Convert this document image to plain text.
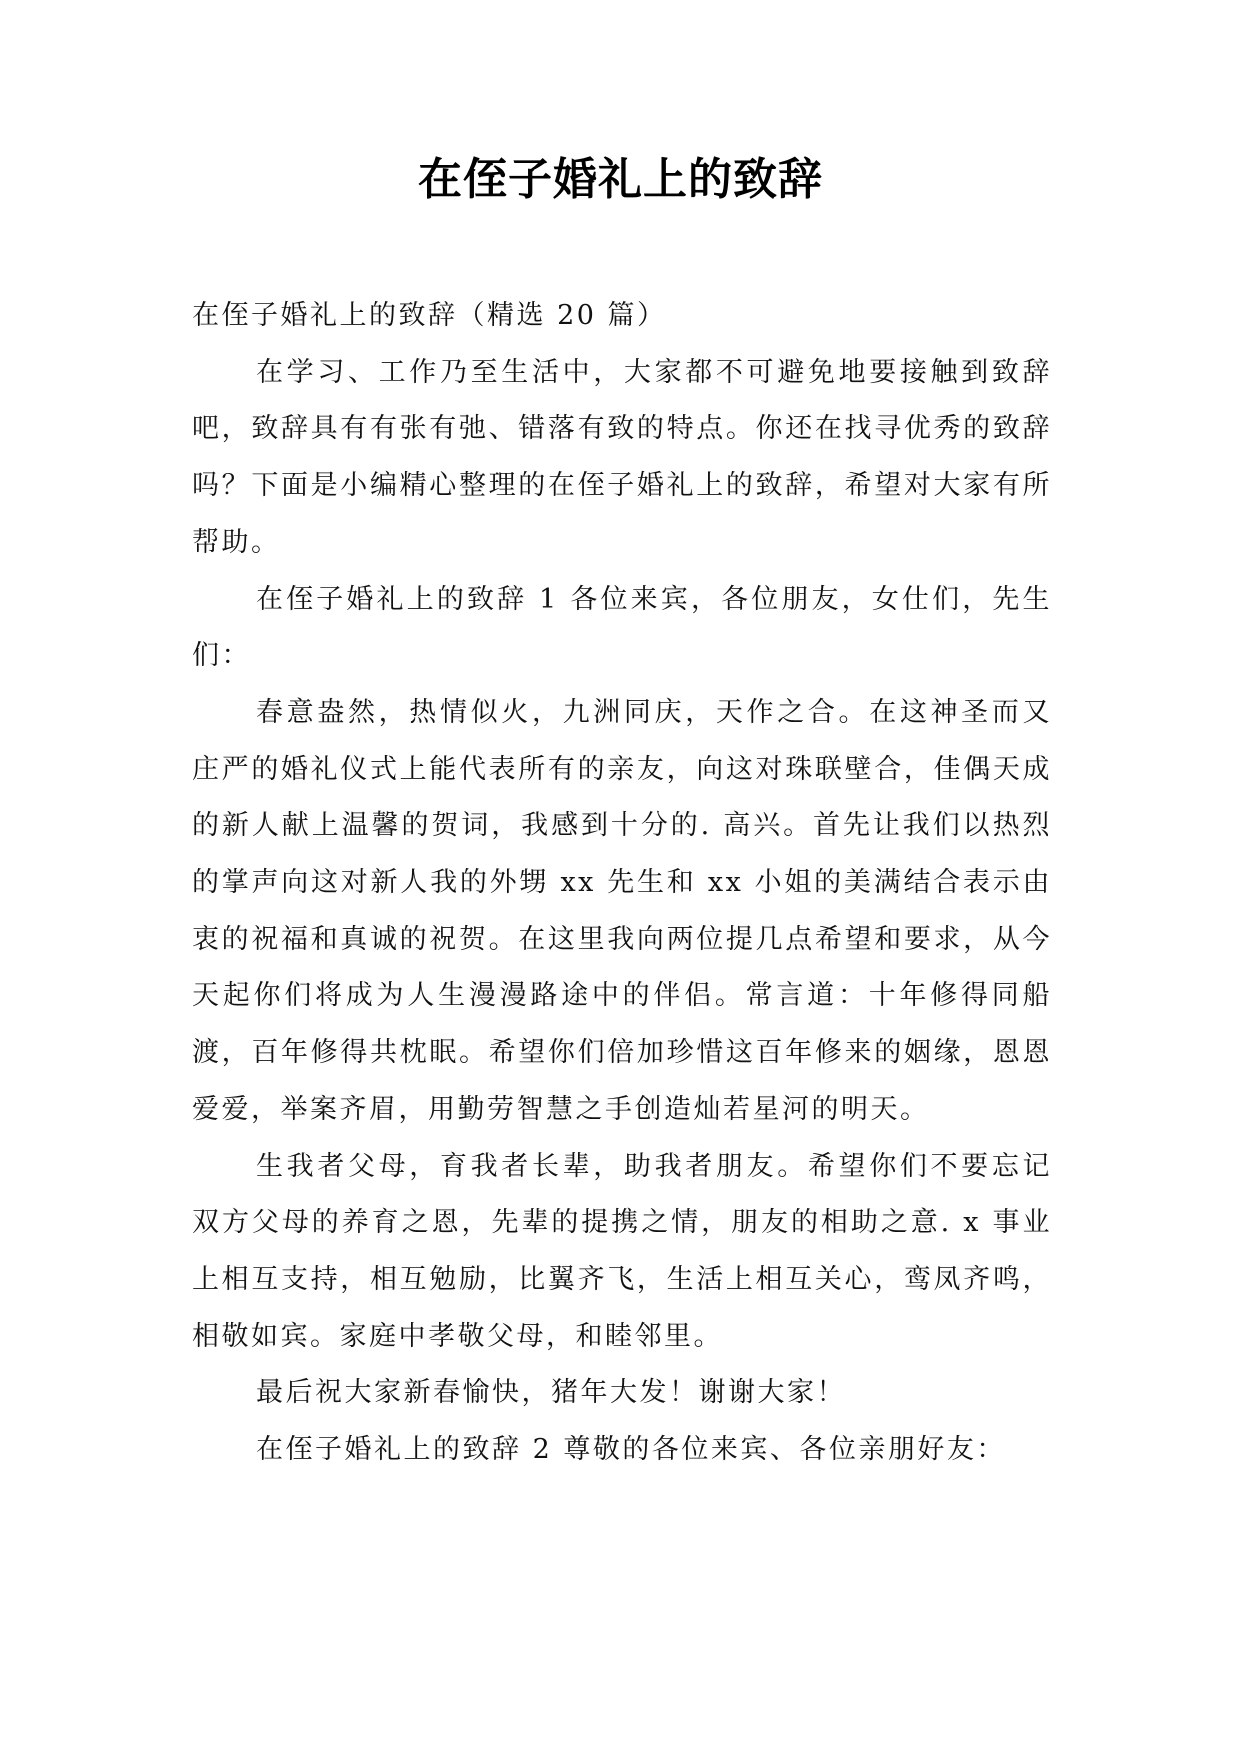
在侄子婚礼上的致辞

在侄子婚礼上的致辞（精选 20 篇）

在学习、工作乃至生活中，大家都不可避免地要接触到致辞吧，致辞具有有张有弛、错落有致的特点。你还在找寻优秀的致辞吗？下面是小编精心整理的在侄子婚礼上的致辞，希望对大家有所帮助。

在侄子婚礼上的致辞 1 各位来宾，各位朋友，女仕们，先生们：

春意盎然，热情似火，九洲同庆，天作之合。在这神圣而又庄严的婚礼仪式上能代表所有的亲友，向这对珠联壁合，佳偶天成的新人献上温馨的贺词，我感到十分的. 高兴。首先让我们以热烈的掌声向这对新人我的外甥 xx 先生和 xx 小姐的美满结合表示由衷的祝福和真诚的祝贺。在这里我向两位提几点希望和要求，从今天起你们将成为人生漫漫路途中的伴侣。常言道：十年修得同船渡，百年修得共枕眠。希望你们倍加珍惜这百年修来的姻缘，恩恩爱爱，举案齐眉，用勤劳智慧之手创造灿若星河的明天。

生我者父母，育我者长辈，助我者朋友。希望你们不要忘记双方父母的养育之恩，先辈的提携之情，朋友的相助之意. x 事业上相互支持，相互勉励，比翼齐飞，生活上相互关心，鸾凤齐鸣，相敬如宾。家庭中孝敬父母，和睦邻里。

最后祝大家新春愉快，猪年大发！谢谢大家！

在侄子婚礼上的致辞 2 尊敬的各位来宾、各位亲朋好友：
